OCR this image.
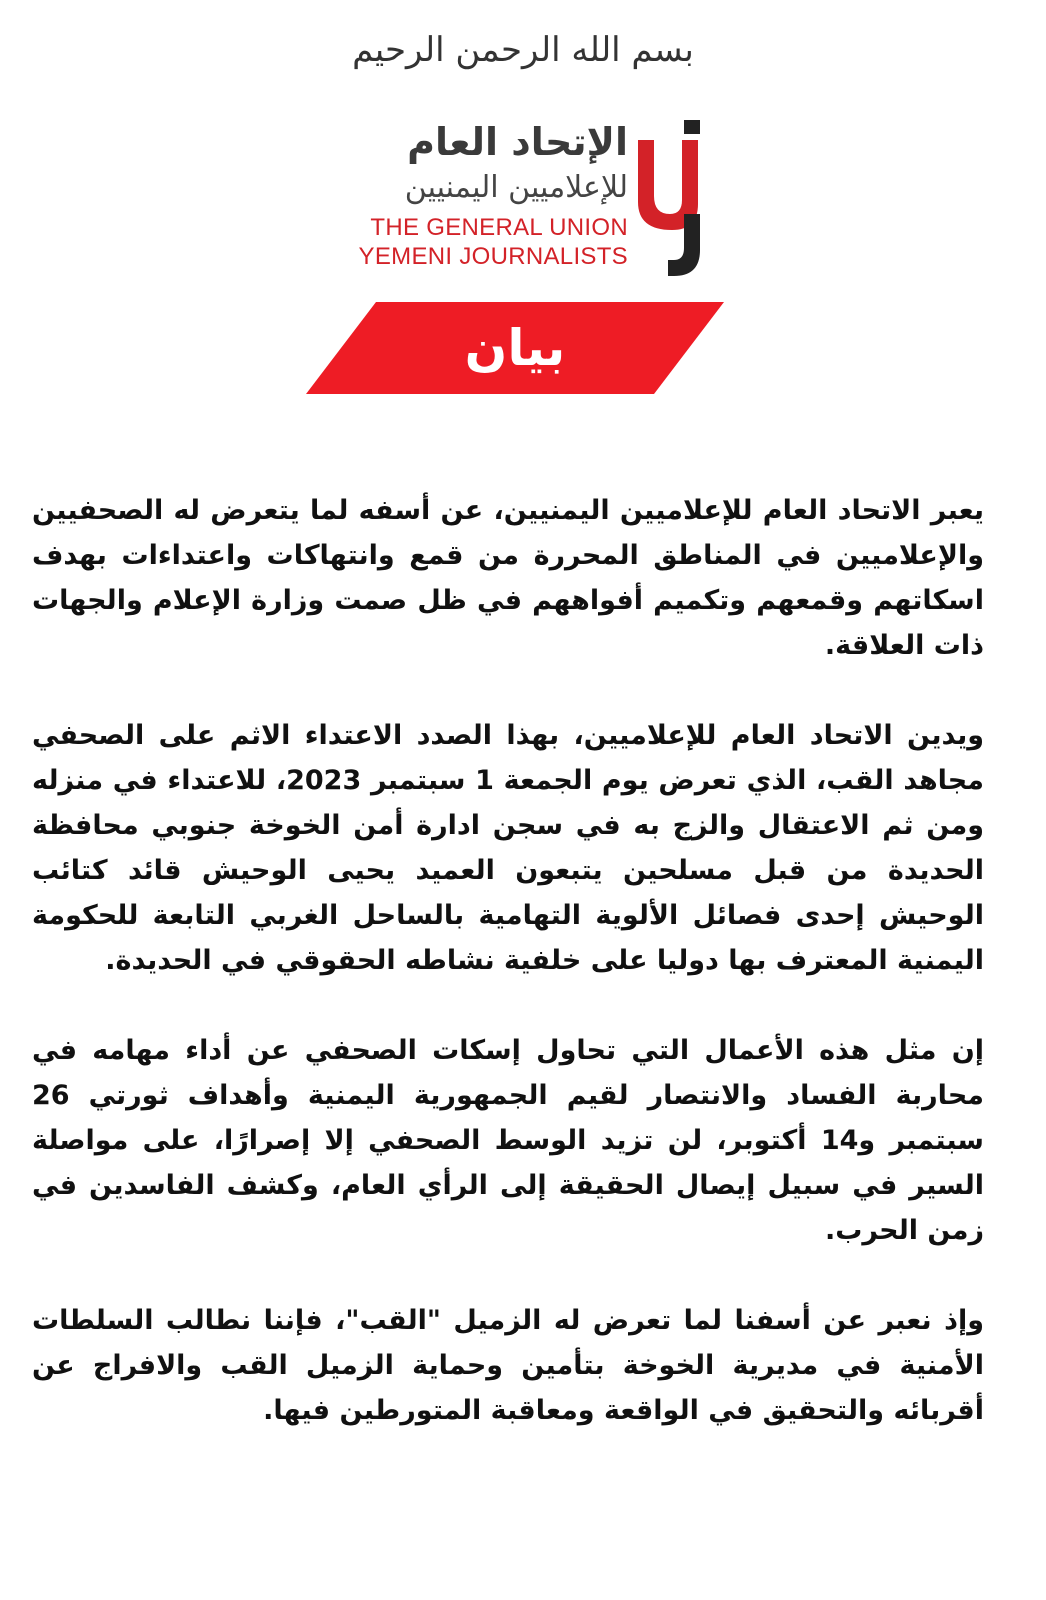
بسم الله الرحمن الرحيم
الإتحاد العام
للإعلاميين اليمنيين
THE GENERAL UNION
YEMENI JOURNALISTS
بيان

يعبر الاتحاد العام للإعلاميين اليمنيين، عن أسفه لما يتعرض له الصحفيين والإعلاميين في المناطق المحررة من قمع وانتهاكات واعتداءات بهدف اسكاتهم وقمعهم وتكميم أفواههم في ظل صمت وزارة الإعلام والجهات ذات العلاقة.

ويدين الاتحاد العام للإعلاميين، بهذا الصدد الاعتداء الاثم على الصحفي مجاهد القب، الذي تعرض يوم الجمعة 1 سبتمبر 2023، للاعتداء في منزله ومن ثم الاعتقال والزج به في سجن ادارة أمن الخوخة جنوبي محافظة الحديدة من قبل مسلحين يتبعون العميد يحيى الوحيش قائد كتائب الوحيش إحدى فصائل الألوية التهامية بالساحل الغربي التابعة للحكومة اليمنية المعترف بها دوليا على خلفية نشاطه الحقوقي في الحديدة.

إن مثل هذه الأعمال التي تحاول إسكات الصحفي عن أداء مهامه في محاربة الفساد والانتصار لقيم الجمهورية اليمنية وأهداف ثورتي 26 سبتمبر و14 أكتوبر، لن تزيد الوسط الصحفي إلا إصرارًا، على مواصلة السير في سبيل إيصال الحقيقة إلى الرأي العام، وكشف الفاسدين في زمن الحرب.

وإذ نعبر عن أسفنا لما تعرض له الزميل "القب"، فإننا نطالب السلطات الأمنية في مديرية الخوخة بتأمين وحماية الزميل القب والافراج عن أقربائه والتحقيق في الواقعة ومعاقبة المتورطين فيها.
